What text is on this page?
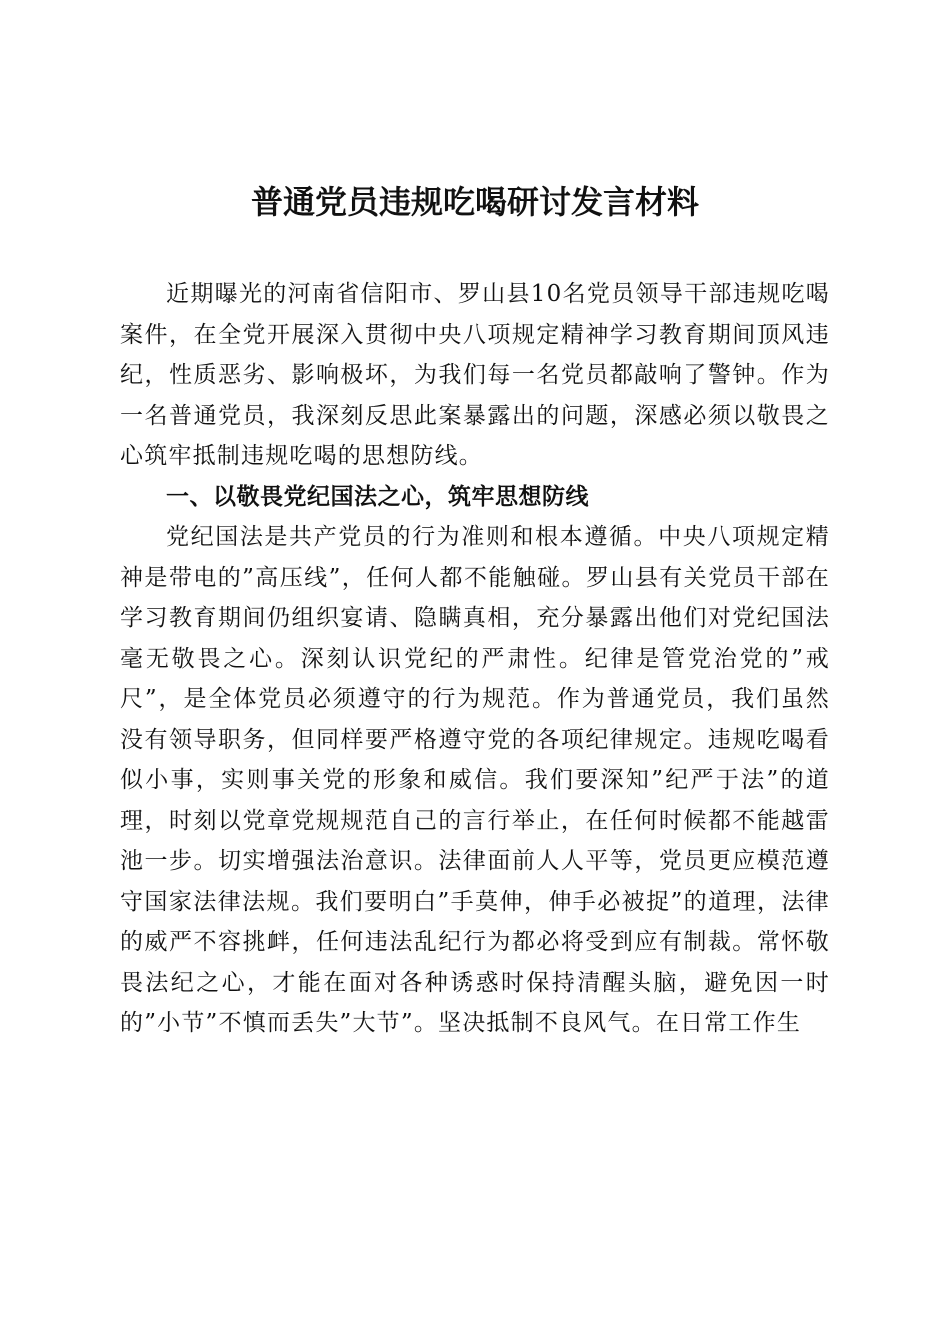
普通党员违规吃喝研讨发言材料

近期曝光的河南省信阳市、罗山县10名党员领导干部违规吃喝案件，在全党开展深入贯彻中央八项规定精神学习教育期间顶风违纪，性质恶劣、影响极坏，为我们每一名党员都敲响了警钟。作为一名普通党员，我深刻反思此案暴露出的问题，深感必须以敬畏之心筑牢抵制违规吃喝的思想防线。

一、以敬畏党纪国法之心，筑牢思想防线

党纪国法是共产党员的行为准则和根本遵循。中央八项规定精神是带电的”高压线”，任何人都不能触碰。罗山县有关党员干部在学习教育期间仍组织宴请、隐瞒真相，充分暴露出他们对党纪国法毫无敬畏之心。深刻认识党纪的严肃性。纪律是管党治党的”戒尺”，是全体党员必须遵守的行为规范。作为普通党员，我们虽然没有领导职务，但同样要严格遵守党的各项纪律规定。违规吃喝看似小事，实则事关党的形象和威信。我们要深知”纪严于法”的道理，时刻以党章党规规范自己的言行举止，在任何时候都不能越雷池一步。切实增强法治意识。法律面前人人平等，党员更应模范遵守国家法律法规。我们要明白”手莫伸，伸手必被捉”的道理，法律的威严不容挑衅，任何违法乱纪行为都必将受到应有制裁。常怀敬畏法纪之心，才能在面对各种诱惑时保持清醒头脑，避免因一时的”小节”不慎而丢失”大节”。坚决抵制不良风气。在日常工作生
